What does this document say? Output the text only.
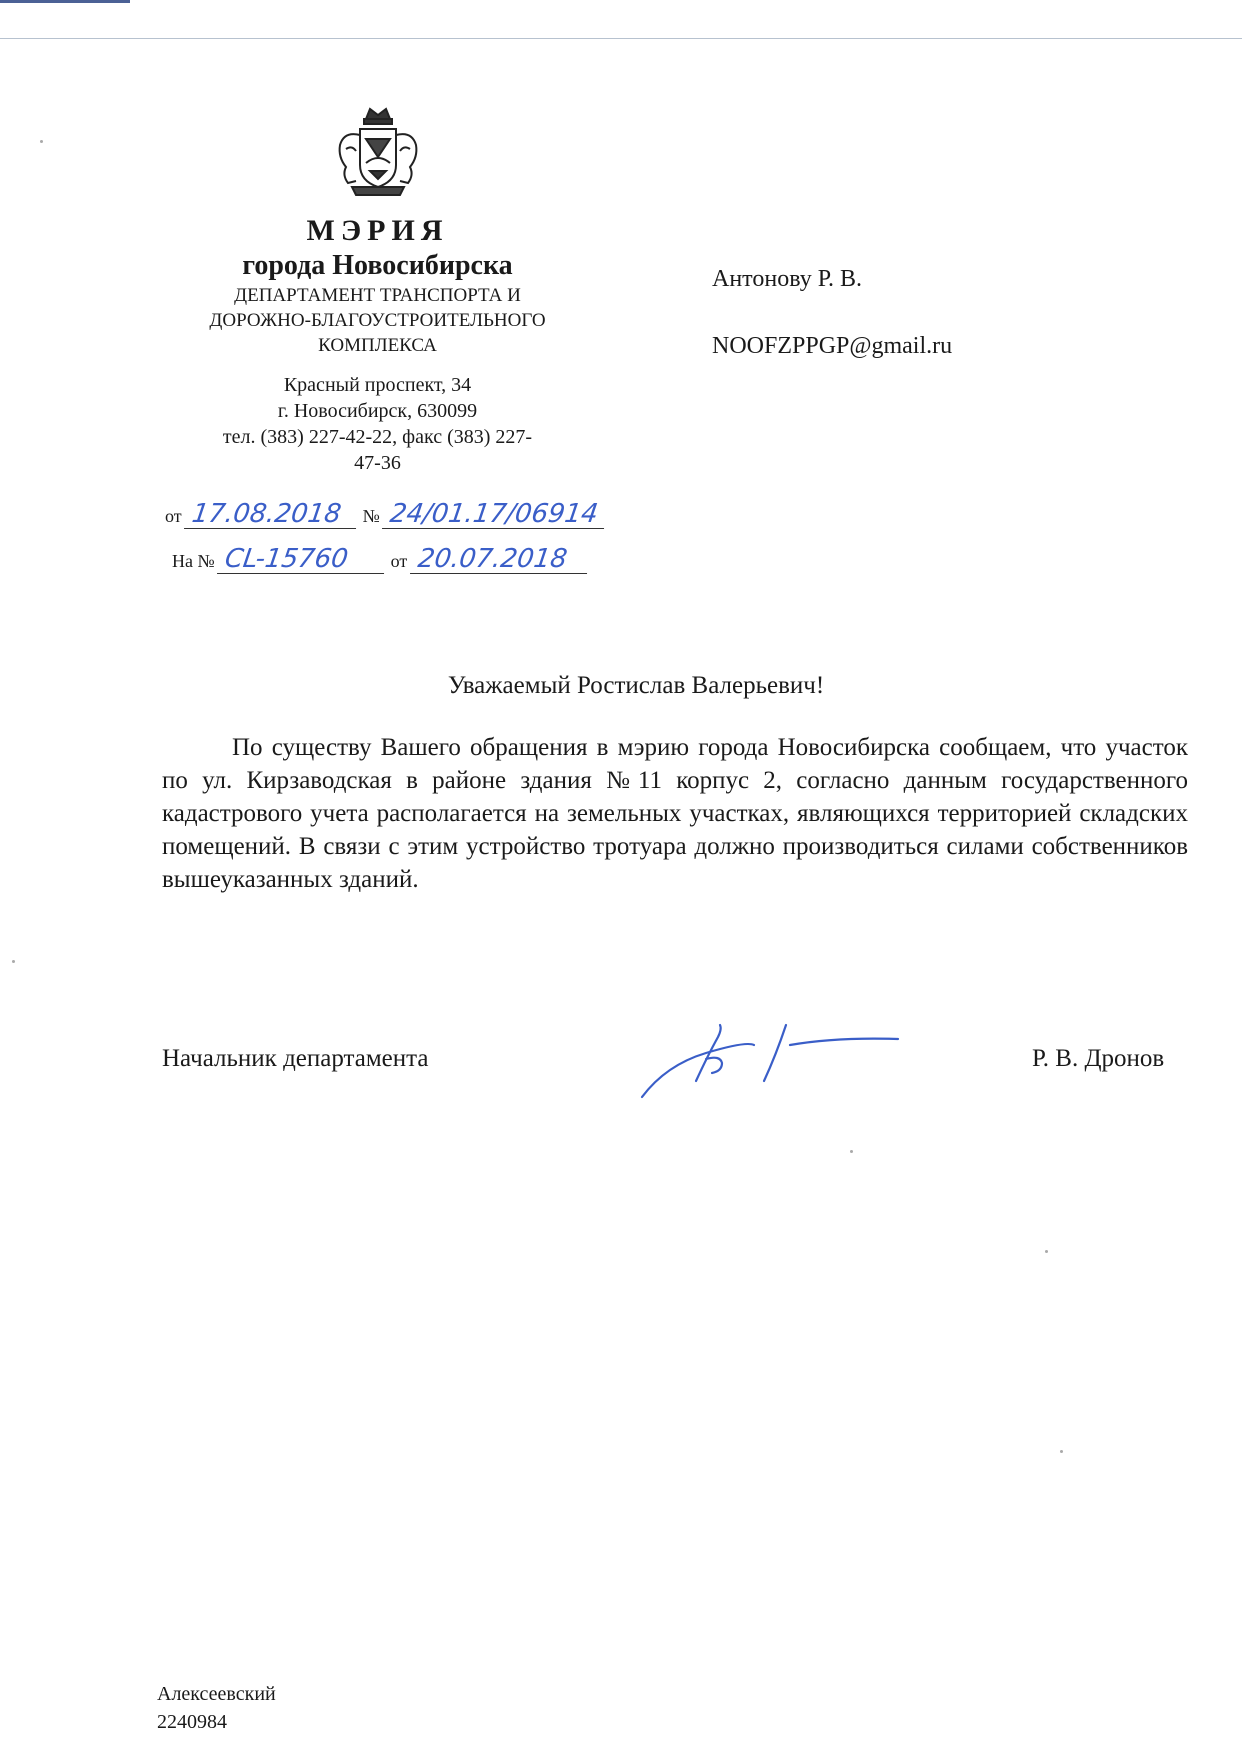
МЭРИЯ
города Новосибирска
ДЕПАРТАМЕНТ ТРАНСПОРТА И
ДОРОЖНО-БЛАГОУСТРОИТЕЛЬНОГО
КОМПЛЕКСА
Красный проспект, 34
г. Новосибирск, 630099
тел. (383) 227-42-22, факс (383) 227-
47-36
от 17.08.2018 № 24/01.17/06914
На № CL-15760 от 20.07.2018
Антонову Р. В.
NOOFZPPGP@gmail.ru
Уважаемый Ростислав Валерьевич!
По существу Вашего обращения в мэрию города Новосибирска сообщаем, что участок по ул. Кирзаводская в районе здания №11 корпус 2, согласно данным государственного кадастрового учета располагается на земельных участках, являющихся территорией складских помещений. В связи с этим устройство тротуара должно производиться силами собственников вышеуказанных зданий.
Начальник департамента	Р. В. Дронов
Алексеевский
2240984
